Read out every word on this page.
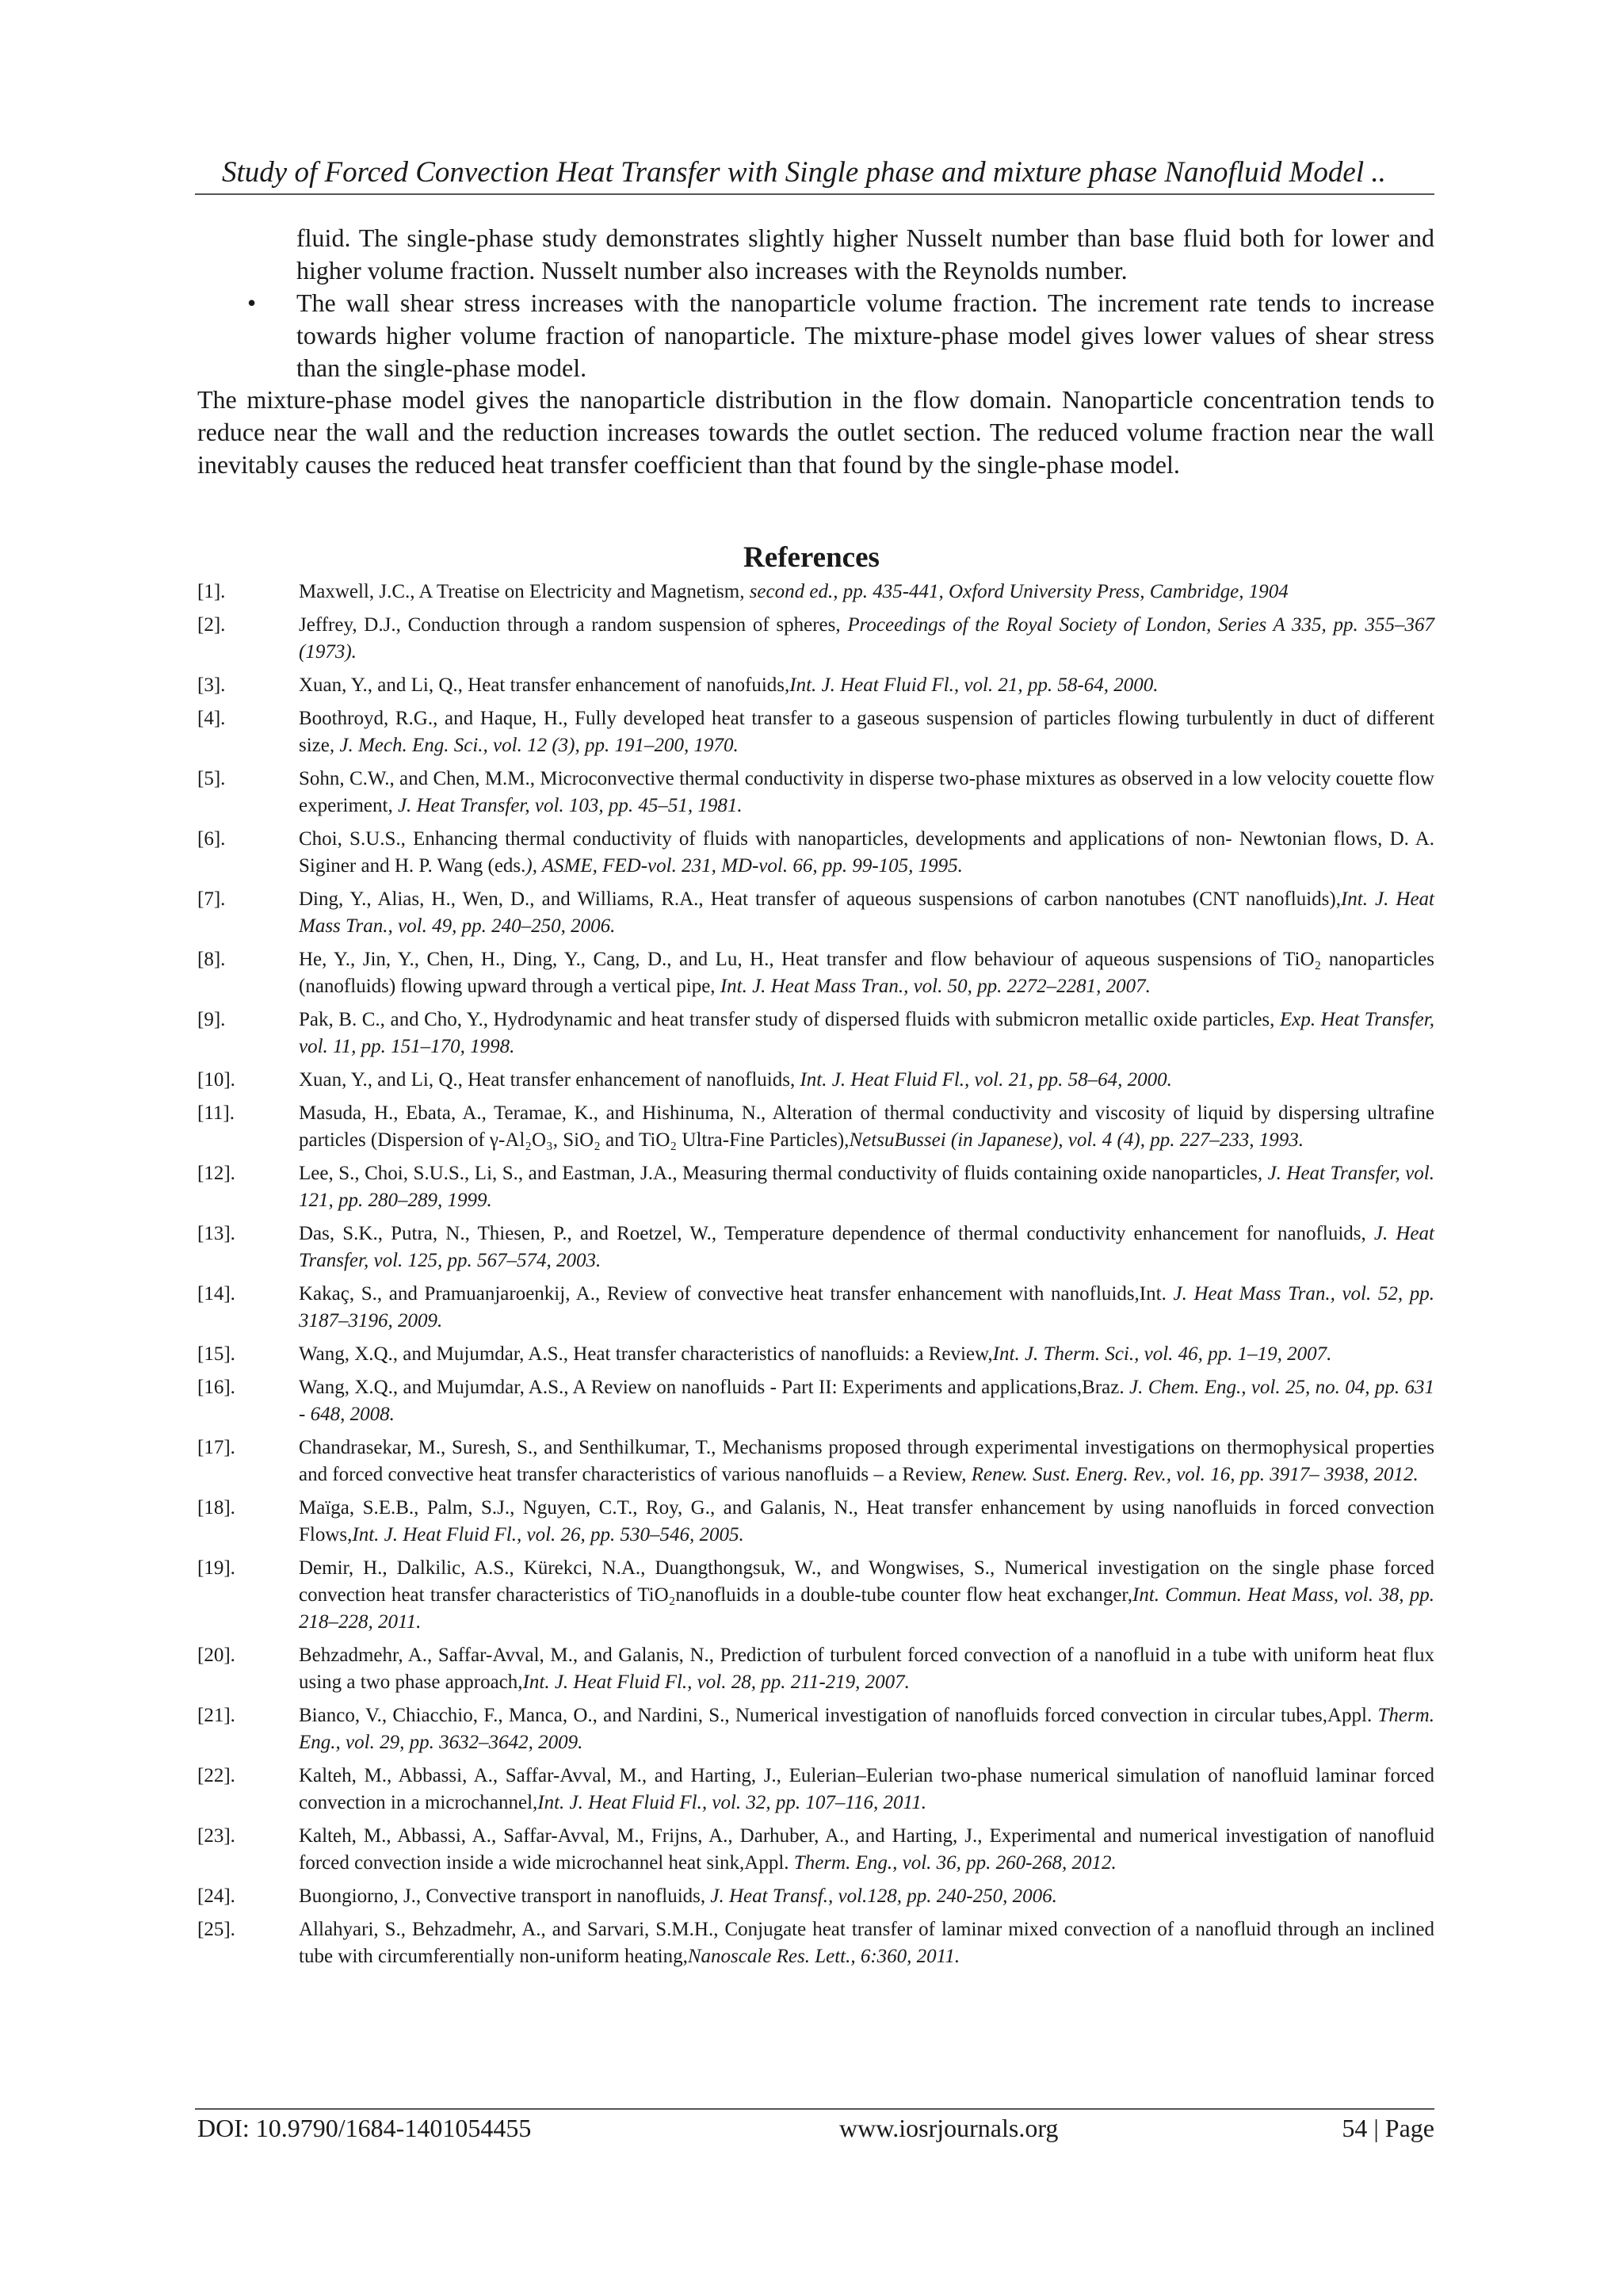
Study of Forced Convection Heat Transfer with Single phase and mixture phase Nanofluid Model ..
fluid. The single-phase study demonstrates slightly higher Nusselt number than base fluid both for lower and higher volume fraction. Nusselt number also increases with the Reynolds number.
• The wall shear stress increases with the nanoparticle volume fraction. The increment rate tends to increase towards higher volume fraction of nanoparticle. The mixture-phase model gives lower values of shear stress than the single-phase model.
The mixture-phase model gives the nanoparticle distribution in the flow domain. Nanoparticle concentration tends to reduce near the wall and the reduction increases towards the outlet section. The reduced volume fraction near the wall inevitably causes the reduced heat transfer coefficient than that found by the single-phase model.
References
[1].	Maxwell, J.C., A Treatise on Electricity and Magnetism, second ed., pp. 435-441, Oxford University Press, Cambridge, 1904
[2].	Jeffrey, D.J., Conduction through a random suspension of spheres, Proceedings of the Royal Society of London, Series A 335, pp. 355–367 (1973).
[3].	Xuan, Y., and Li, Q., Heat transfer enhancement of nanofuids,Int. J. Heat Fluid Fl., vol. 21, pp. 58-64, 2000.
[4].	Boothroyd, R.G., and Haque, H., Fully developed heat transfer to a gaseous suspension of particles flowing turbulently in duct of different size, J. Mech. Eng. Sci., vol. 12 (3), pp. 191–200, 1970.
[5].	Sohn, C.W., and Chen, M.M., Microconvective thermal conductivity in disperse two-phase mixtures as observed in a low velocity couette flow experiment, J. Heat Transfer, vol. 103, pp. 45–51, 1981.
[6].	Choi, S.U.S., Enhancing thermal conductivity of fluids with nanoparticles, developments and applications of non- Newtonian flows, D. A. Siginer and H. P. Wang (eds.), ASME, FED-vol. 231, MD-vol. 66, pp. 99-105, 1995.
[7].	Ding, Y., Alias, H., Wen, D., and Williams, R.A., Heat transfer of aqueous suspensions of carbon nanotubes (CNT nanofluids),Int. J. Heat Mass Tran., vol. 49, pp. 240–250, 2006.
[8].	He, Y., Jin, Y., Chen, H., Ding, Y., Cang, D., and Lu, H., Heat transfer and flow behaviour of aqueous suspensions of TiO₂ nanoparticles (nanofluids) flowing upward through a vertical pipe, Int. J. Heat Mass Tran., vol. 50, pp. 2272–2281, 2007.
[9].	Pak, B. C., and Cho, Y., Hydrodynamic and heat transfer study of dispersed fluids with submicron metallic oxide particles, Exp. Heat Transfer, vol. 11, pp. 151–170, 1998.
[10].	Xuan, Y., and Li, Q., Heat transfer enhancement of nanofluids, Int. J. Heat Fluid Fl., vol. 21, pp. 58–64, 2000.
[11].	Masuda, H., Ebata, A., Teramae, K., and Hishinuma, N., Alteration of thermal conductivity and viscosity of liquid by dispersing ultrafine particles (Dispersion of γ-Al₂O₃, SiO₂ and TiO₂ Ultra-Fine Particles),NetsuBussei (in Japanese), vol. 4 (4), pp. 227–233, 1993.
[12].	Lee, S., Choi, S.U.S., Li, S., and Eastman, J.A., Measuring thermal conductivity of fluids containing oxide nanoparticles, J. Heat Transfer, vol. 121, pp. 280–289, 1999.
[13].	Das, S.K., Putra, N., Thiesen, P., and Roetzel, W., Temperature dependence of thermal conductivity enhancement for nanofluids, J. Heat Transfer, vol. 125, pp. 567–574, 2003.
[14].	Kakaç, S., and Pramuanjaroenkij, A., Review of convective heat transfer enhancement with nanofluids,Int. J. Heat Mass Tran., vol. 52, pp. 3187–3196, 2009.
[15].	Wang, X.Q., and Mujumdar, A.S., Heat transfer characteristics of nanofluids: a Review,Int. J. Therm. Sci., vol. 46, pp. 1–19, 2007.
[16].	Wang, X.Q., and Mujumdar, A.S., A Review on nanofluids - Part II: Experiments and applications,Braz. J. Chem. Eng., vol. 25, no. 04, pp. 631 - 648, 2008.
[17].	Chandrasekar, M., Suresh, S., and Senthilkumar, T., Mechanisms proposed through experimental investigations on thermophysical properties and forced convective heat transfer characteristics of various nanofluids – a Review, Renew. Sust. Energ. Rev., vol. 16, pp. 3917– 3938, 2012.
[18].	Maïga, S.E.B., Palm, S.J., Nguyen, C.T., Roy, G., and Galanis, N., Heat transfer enhancement by using nanofluids in forced convection Flows,Int. J. Heat Fluid Fl., vol. 26, pp. 530–546, 2005.
[19].	Demir, H., Dalkilic, A.S., Kürekci, N.A., Duangthongsuk, W., and Wongwises, S., Numerical investigation on the single phase forced convection heat transfer characteristics of TiO₂nanofluids in a double-tube counter flow heat exchanger,Int. Commun. Heat Mass, vol. 38, pp. 218–228, 2011.
[20].	Behzadmehr, A., Saffar-Avval, M., and Galanis, N., Prediction of turbulent forced convection of a nanofluid in a tube with uniform heat flux using a two phase approach,Int. J. Heat Fluid Fl., vol. 28, pp. 211-219, 2007.
[21].	Bianco, V., Chiacchio, F., Manca, O., and Nardini, S., Numerical investigation of nanofluids forced convection in circular tubes,Appl. Therm. Eng., vol. 29, pp. 3632–3642, 2009.
[22].	Kalteh, M., Abbassi, A., Saffar-Avval, M., and Harting, J., Eulerian–Eulerian two-phase numerical simulation of nanofluid laminar forced convection in a microchannel,Int. J. Heat Fluid Fl., vol. 32, pp. 107–116, 2011.
[23].	Kalteh, M., Abbassi, A., Saffar-Avval, M., Frijns, A., Darhuber, A., and Harting, J., Experimental and numerical investigation of nanofluid forced convection inside a wide microchannel heat sink,Appl. Therm. Eng., vol. 36, pp. 260-268, 2012.
[24].	Buongiorno, J., Convective transport in nanofluids, J. Heat Transf., vol.128, pp. 240-250, 2006.
[25].	Allahyari, S., Behzadmehr, A., and Sarvari, S.M.H., Conjugate heat transfer of laminar mixed convection of a nanofluid through an inclined tube with circumferentially non-uniform heating,Nanoscale Res. Lett., 6:360, 2011.
DOI: 10.9790/1684-1401054455	www.iosrjournals.org	54 | Page
